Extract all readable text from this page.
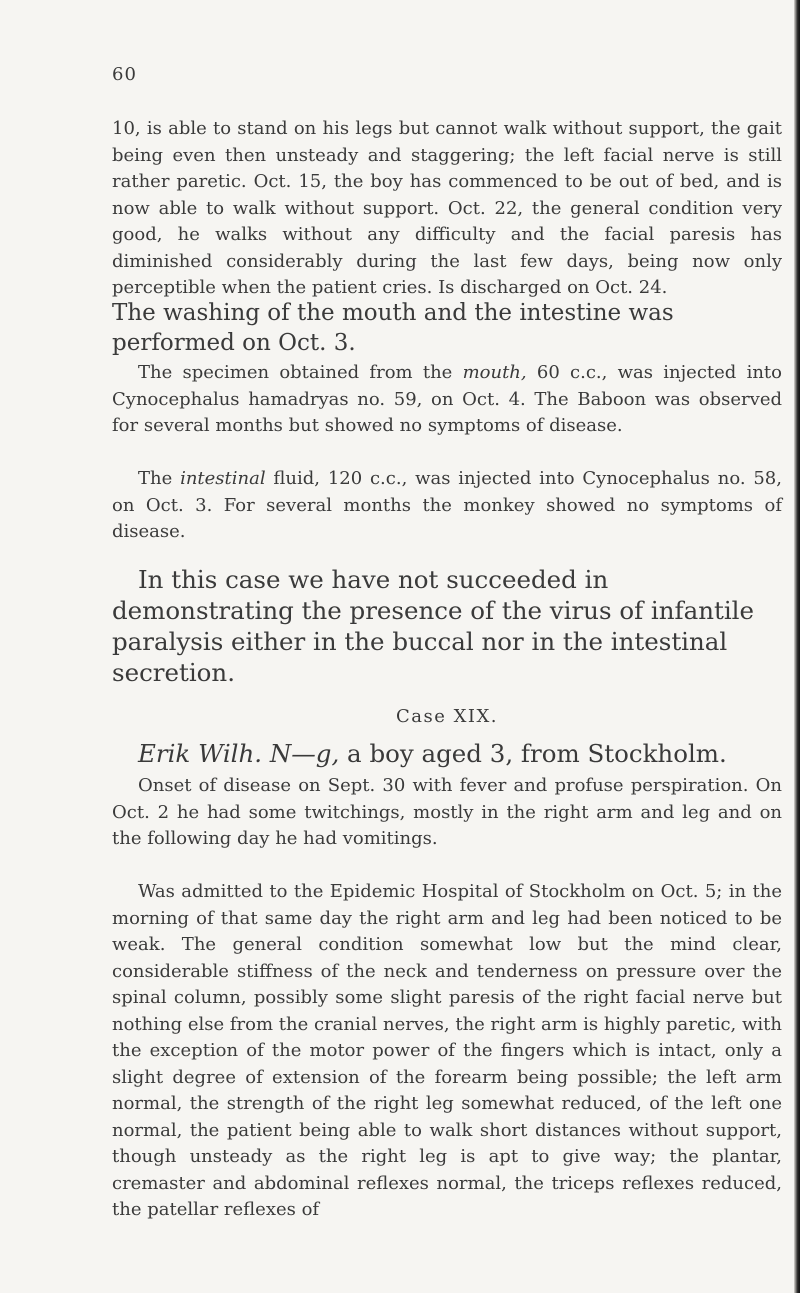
60

10, is able to stand on his legs but cannot walk without support, the gait being even then unsteady and staggering; the left facial nerve is still rather paretic. Oct. 15, the boy has commenced to be out of bed, and is now able to walk without support. Oct. 22, the general condition very good, he walks without any difficulty and the facial paresis has diminished considerably during the last few days, being now only perceptible when the patient cries. Is discharged on Oct. 24.

The washing of the mouth and the intestine was performed on Oct. 3.

The specimen obtained from the mouth, 60 c.c., was injected into Cynocephalus hamadryas no. 59, on Oct. 4. The Baboon was observed for several months but showed no symptoms of disease.

The intestinal fluid, 120 c.c., was injected into Cynocephalus no. 58, on Oct. 3. For several months the monkey showed no symptoms of disease.

In this case we have not succeeded in demonstrating the presence of the virus of infantile paralysis either in the buccal nor in the intestinal secretion.

Case XIX.

Erik Wilh. N—g, a boy aged 3, from Stockholm.

Onset of disease on Sept. 30 with fever and profuse perspiration. On Oct. 2 he had some twitchings, mostly in the right arm and leg and on the following day he had vomitings.

Was admitted to the Epidemic Hospital of Stockholm on Oct. 5; in the morning of that same day the right arm and leg had been noticed to be weak. The general condition somewhat low but the mind clear, considerable stiffness of the neck and tenderness on pressure over the spinal column, possibly some slight paresis of the right facial nerve but nothing else from the cranial nerves, the right arm is highly paretic, with the exception of the motor power of the fingers which is intact, only a slight degree of extension of the forearm being possible; the left arm normal, the strength of the right leg somewhat reduced, of the left one normal, the patient being able to walk short distances without support, though unsteady as the right leg is apt to give way; the plantar, cremaster and abdominal reflexes normal, the triceps reflexes reduced, the patellar reflexes of
